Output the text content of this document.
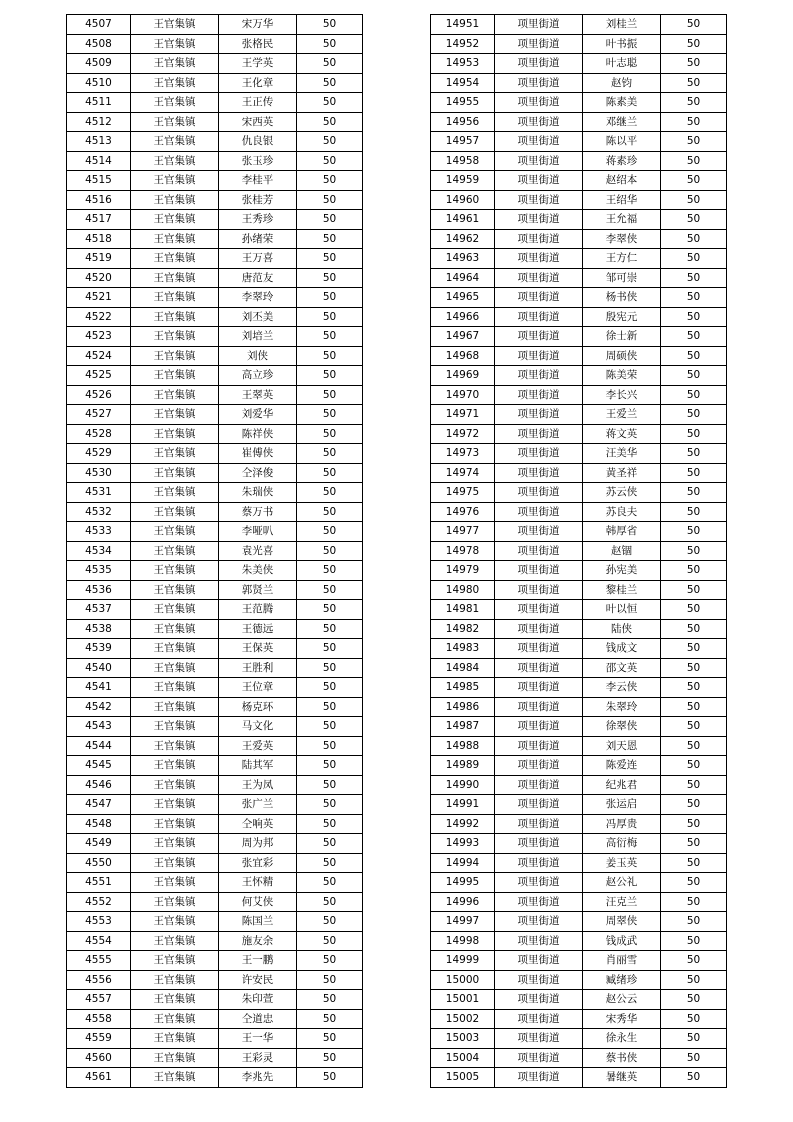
4507	王官集镇	宋万华	50
4508	王官集镇	张格民	50
4509	王官集镇	王学英	50
4510	王官集镇	王化章	50
4511	王官集镇	王正传	50
4512	王官集镇	宋西英	50
4513	王官集镇	仇良银	50
4514	王官集镇	张玉珍	50
4515	王官集镇	李桂平	50
4516	王官集镇	张桂芳	50
4517	王官集镇	王秀珍	50
4518	王官集镇	孙绪荣	50
4519	王官集镇	王万喜	50
4520	王官集镇	唐范友	50
4521	王官集镇	李翠玲	50
4522	王官集镇	刘丕美	50
4523	王官集镇	刘培兰	50
4524	王官集镇	刘侠	50
4525	王官集镇	高立珍	50
4526	王官集镇	王翠英	50
4527	王官集镇	刘爱华	50
4528	王官集镇	陈祥侠	50
4529	王官集镇	崔傅侠	50
4530	王官集镇	仝泽俊	50
4531	王官集镇	朱瑞侠	50
4532	王官集镇	蔡万书	50
4533	王官集镇	李哑叭	50
4534	王官集镇	袁光喜	50
4535	王官集镇	朱美侠	50
4536	王官集镇	郭贤兰	50
4537	王官集镇	王范腾	50
4538	王官集镇	王德远	50
4539	王官集镇	王保英	50
4540	王官集镇	王胜利	50
4541	王官集镇	王位章	50
4542	王官集镇	杨克环	50
4543	王官集镇	马文化	50
4544	王官集镇	王爱英	50
4545	王官集镇	陆其军	50
4546	王官集镇	王为凤	50
4547	王官集镇	张广兰	50
4548	王官集镇	仝响英	50
4549	王官集镇	周为邦	50
4550	王官集镇	张宜彩	50
4551	王官集镇	王怀精	50
4552	王官集镇	何艾侠	50
4553	王官集镇	陈国兰	50
4554	王官集镇	施友余	50
4555	王官集镇	王一鹏	50
4556	王官集镇	许安民	50
4557	王官集镇	朱印萱	50
4558	王官集镇	仝道忠	50
4559	王官集镇	王一华	50
4560	王官集镇	王彩灵	50
4561	王官集镇	李兆先	50
14951	项里街道	刘桂兰	50
14952	项里街道	叶书振	50
14953	项里街道	叶志聪	50
14954	项里街道	赵钧	50
14955	项里街道	陈素美	50
14956	项里街道	邓继兰	50
14957	项里街道	陈以平	50
14958	项里街道	蒋素珍	50
14959	项里街道	赵绍本	50
14960	项里街道	王绍华	50
14961	项里街道	王允福	50
14962	项里街道	李翠侠	50
14963	项里街道	王方仁	50
14964	项里街道	邹可崇	50
14965	项里街道	杨书侠	50
14966	项里街道	殷宪元	50
14967	项里街道	徐士新	50
14968	项里街道	周硕侠	50
14969	项里街道	陈美荣	50
14970	项里街道	李长兴	50
14971	项里街道	王爱兰	50
14972	项里街道	蒋文英	50
14973	项里街道	汪美华	50
14974	项里街道	黄圣祥	50
14975	项里街道	苏云侠	50
14976	项里街道	苏良夫	50
14977	项里街道	韩厚省	50
14978	项里街道	赵锢	50
14979	项里街道	孙宪美	50
14980	项里街道	黎桂兰	50
14981	项里街道	叶以恒	50
14982	项里街道	陆侠	50
14983	项里街道	钱成文	50
14984	项里街道	邵文英	50
14985	项里街道	李云侠	50
14986	项里街道	朱翠玲	50
14987	项里街道	徐翠侠	50
14988	项里街道	刘天恩	50
14989	项里街道	陈爱连	50
14990	项里街道	纪兆君	50
14991	项里街道	张运启	50
14992	项里街道	冯厚贵	50
14993	项里街道	高衍梅	50
14994	项里街道	姜玉英	50
14995	项里街道	赵公礼	50
14996	项里街道	汪克兰	50
14997	项里街道	周翠侠	50
14998	项里街道	钱成武	50
14999	项里街道	肖丽雪	50
15000	项里街道	臧绪珍	50
15001	项里街道	赵公云	50
15002	项里街道	宋秀华	50
15003	项里街道	徐永生	50
15004	项里街道	蔡书侠	50
15005	项里街道	暑继英	50
